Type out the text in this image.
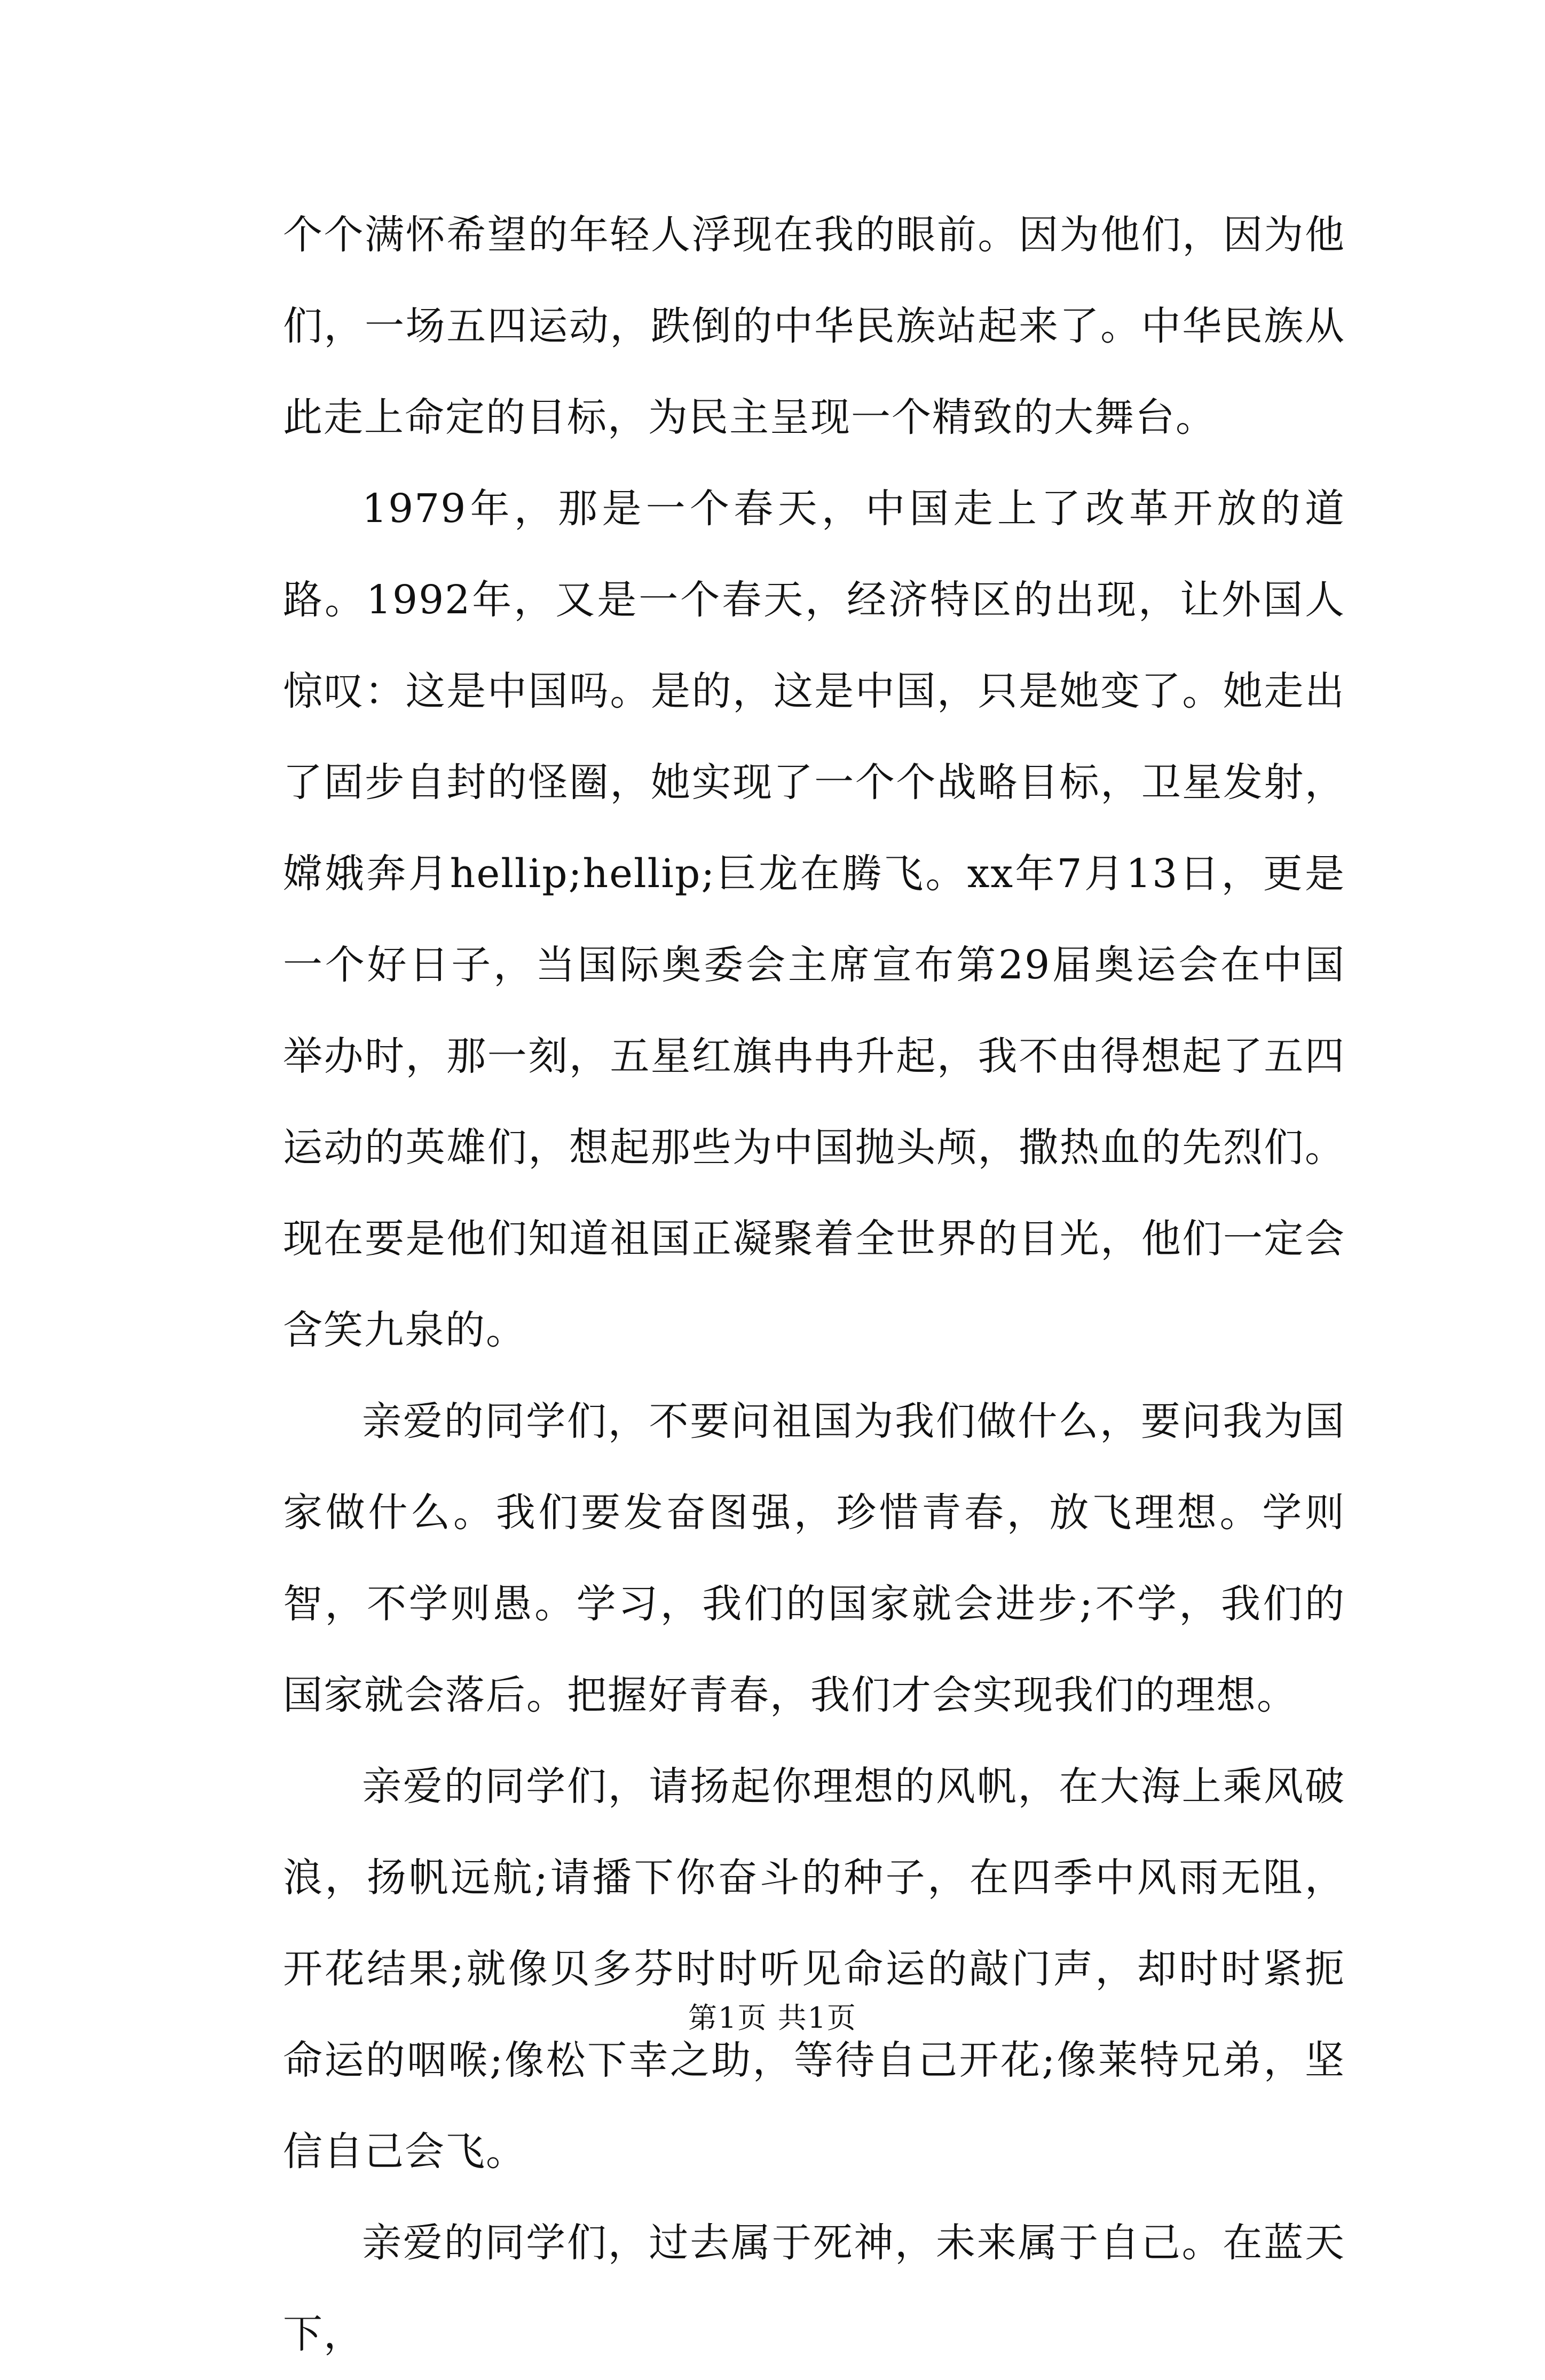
个个满怀希望的年轻人浮现在我的眼前。因为他们，因为他们，一场五四运动，跌倒的中华民族站起来了。中华民族从此走上命定的目标，为民主呈现一个精致的大舞台。

1979年，那是一个春天，中国走上了改革开放的道路。1992年，又是一个春天，经济特区的出现，让外国人惊叹：这是中国吗。是的，这是中国，只是她变了。她走出了固步自封的怪圈，她实现了一个个战略目标，卫星发射，嫦娥奔月hellip;hellip;巨龙在腾飞。xx年7月13日，更是一个好日子，当国际奥委会主席宣布第29届奥运会在中国举办时，那一刻，五星红旗冉冉升起，我不由得想起了五四运动的英雄们，想起那些为中国抛头颅，撒热血的先烈们。现在要是他们知道祖国正凝聚着全世界的目光，他们一定会含笑九泉的。

亲爱的同学们，不要问祖国为我们做什么，要问我为国家做什么。我们要发奋图强，珍惜青春，放飞理想。学则智，不学则愚。学习，我们的国家就会进步;不学，我们的国家就会落后。把握好青春，我们才会实现我们的理想。

亲爱的同学们，请扬起你理想的风帆，在大海上乘风破浪，扬帆远航;请播下你奋斗的种子，在四季中风雨无阻，开花结果;就像贝多芬时时听见命运的敲门声，却时时紧扼命运的咽喉;像松下幸之助，等待自己开花;像莱特兄弟，坚信自己会飞。

亲爱的同学们，过去属于死神，未来属于自己。在蓝天下，

第1页 共1页
